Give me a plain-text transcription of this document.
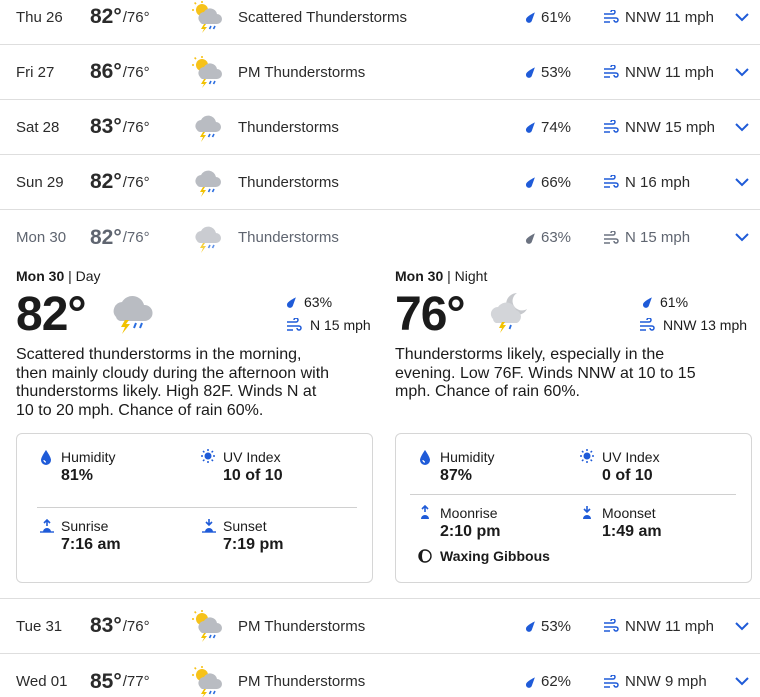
Thu 26 82° /76°	Scattered Thunderstorms	61%	NNW 11 mph
Fri 27 86° /76°	PM Thunderstorms	53%	NNW 11 mph
Sat 28 83° /76°	Thunderstorms	74%	NNW 15 mph
Sun 29 82° /76°	Thunderstorms	66%	N 16 mph
Mon 30 82° /76°	Thunderstorms	63%	N 15 mph
Mon 30 | Day
82°	63%
N 15 mph
Scattered thunderstorms in the morning, then mainly cloudy during the afternoon with thunderstorms likely. High 82F. Winds N at 10 to 20 mph. Chance of rain 60%.
Humidity
81%
UV Index
10 of 10
Sunrise
7:16 am
Sunset
7:19 pm
Mon 30 | Night
76°	61%
NNW 13 mph
Thunderstorms likely, especially in the evening. Low 76F. Winds NNW at 10 to 15 mph. Chance of rain 60%.
Humidity
87%
UV Index
0 of 10
Moonrise
2:10 pm
Moonset
1:49 am
Waxing Gibbous
Tue 31 83° /76°	PM Thunderstorms	53%	NNW 11 mph
Wed 01 85° /77°	PM Thunderstorms	62%	NNW 9 mph
